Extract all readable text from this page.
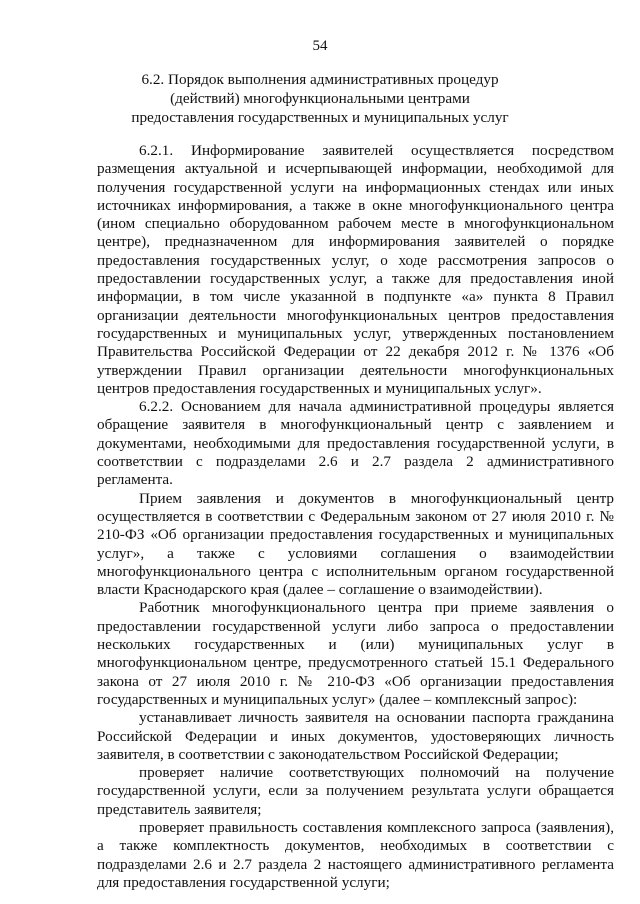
54
6.2. Порядок выполнения административных процедур
(действий) многофункциональными центрами
предоставления государственных и муниципальных услуг

6.2.1. Информирование заявителей осуществляется посредством размещения актуальной и исчерпывающей информации, необходимой для получения государственной услуги на информационных стендах или иных источниках информирования, а также в окне многофункционального центра (ином специально оборудованном рабочем месте в многофункциональном центре), предназначенном для информирования заявителей о порядке предоставления государственных услуг, о ходе рассмотрения запросов о предоставлении государственных услуг, а также для предоставления иной информации, в том числе указанной в подпункте «а» пункта 8 Правил организации деятельности многофункциональных центров предоставления государственных и муниципальных услуг, утвержденных постановлением Правительства Российской Федерации от 22 декабря 2012 г. № 1376 «Об утверждении Правил организации деятельности многофункциональных центров предоставления государственных и муниципальных услуг».

6.2.2. Основанием для начала административной процедуры является обращение заявителя в многофункциональный центр с заявлением и документами, необходимыми для предоставления государственной услуги, в соответствии с подразделами 2.6 и 2.7 раздела 2 административного регламента.

Прием заявления и документов в многофункциональный центр осуществляется в соответствии с Федеральным законом от 27 июля 2010 г. № 210-ФЗ «Об организации предоставления государственных и муниципальных услуг», а также с условиями соглашения о взаимодействии многофункционального центра с исполнительным органом государственной власти Краснодарского края (далее – соглашение о взаимодействии).

Работник многофункционального центра при приеме заявления о предоставлении государственной услуги либо запроса о предоставлении нескольких государственных и (или) муниципальных услуг в многофункциональном центре, предусмотренного статьей 15.1 Федерального закона от 27 июля 2010 г. № 210-ФЗ «Об организации предоставления государственных и муниципальных услуг» (далее – комплексный запрос):

устанавливает личность заявителя на основании паспорта гражданина Российской Федерации и иных документов, удостоверяющих личность заявителя, в соответствии с законодательством Российской Федерации;

проверяет наличие соответствующих полномочий на получение государственной услуги, если за получением результата услуги обращается представитель заявителя;

проверяет правильность составления комплексного запроса (заявления), а также комплектность документов, необходимых в соответствии с подразделами 2.6 и 2.7 раздела 2 настоящего административного регламента для предоставления государственной услуги;
